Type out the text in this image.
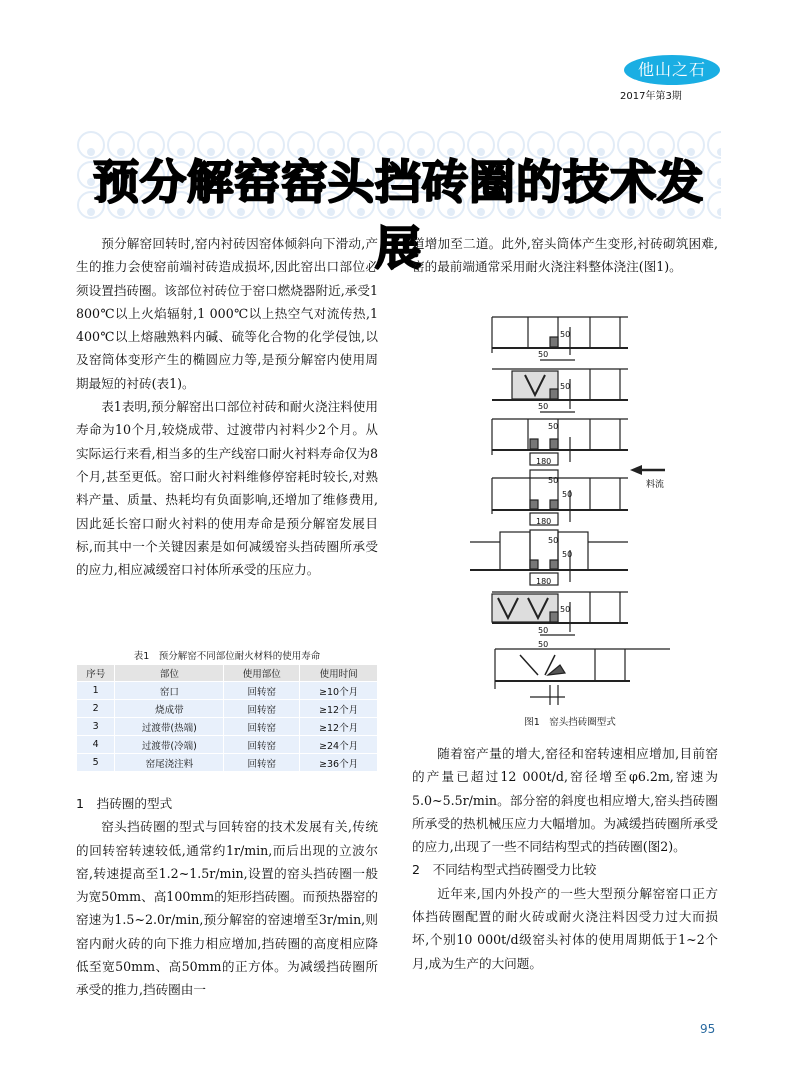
他山之石
2017年第3期
预分解窑窑头挡砖圈的技术发展

预分解窑回转时,窑内衬砖因窑体倾斜向下滑动,产生的推力会使窑前端衬砖造成损坏,因此窑出口部位必须设置挡砖圈。该部位衬砖位于窑口燃烧器附近,承受1 800℃以上火焰辐射,1 000℃以上热空气对流传热,1 400℃以上熔融熟料内碱、硫等化合物的化学侵蚀,以及窑筒体变形产生的椭圆应力等,是预分解窑内使用周期最短的衬砖(表1)。

表1表明,预分解窑出口部位衬砖和耐火浇注料使用寿命为10个月,较烧成带、过渡带内衬料少2个月。从实际运行来看,相当多的生产线窑口耐火衬料寿命仅为8个月,甚至更低。窑口耐火衬料维修停窑耗时较长,对熟料产量、质量、热耗均有负面影响,还增加了维修费用,因此延长窑口耐火衬料的使用寿命是预分解窑发展目标,而其中一个关键因素是如何减缓窑头挡砖圈所承受的应力,相应减缓窑口衬体所承受的压应力。

表1　预分解窑不同部位耐火材料的使用寿命
序号	部位	使用部位	使用时间
1	窑口	回转窑	≥10个月
2	烧成带	回转窑	≥12个月
3	过渡带(热端)	回转窑	≥12个月
4	过渡带(冷端)	回转窑	≥24个月
5	窑尾浇注料	回转窑	≥36个月

1　挡砖圈的型式

窑头挡砖圈的型式与回转窑的技术发展有关,传统的回转窑转速较低,通常约1r/min,而后出现的立波尔窑,转速提高至1.2~1.5r/min,设置的窑头挡砖圈一般为宽50mm、高100mm的矩形挡砖圈。而预热器窑的窑速为1.5~2.0r/min,预分解窑的窑速增至3r/min,则窑内耐火砖的向下推力相应增加,挡砖圈的高度相应降低至宽50mm、高50mm的正方体。为减缓挡砖圈所承受的推力,挡砖圈由一

道增加至二道。此外,窑头筒体产生变形,衬砖砌筑困难,窑的最前端通常采用耐火浇注料整体浇注(图1)。

料流
50
50
50
50
50
180
50
50
180
50
50
180
50
50
50
图1　窑头挡砖圈型式

随着窑产量的增大,窑径和窑转速相应增加,目前窑的产量已超过12 000t/d,窑径增至φ6.2m,窑速为5.0~5.5r/min。部分窑的斜度也相应增大,窑头挡砖圈所承受的热机械压应力大幅增加。为减缓挡砖圈所承受的应力,出现了一些不同结构型式的挡砖圈(图2)。

2　不同结构型式挡砖圈受力比较

近年来,国内外投产的一些大型预分解窑窑口正方体挡砖圈配置的耐火砖或耐火浇注料因受力过大而损坏,个别10 000t/d级窑头衬体的使用周期低于1~2个月,成为生产的大问题。

95
